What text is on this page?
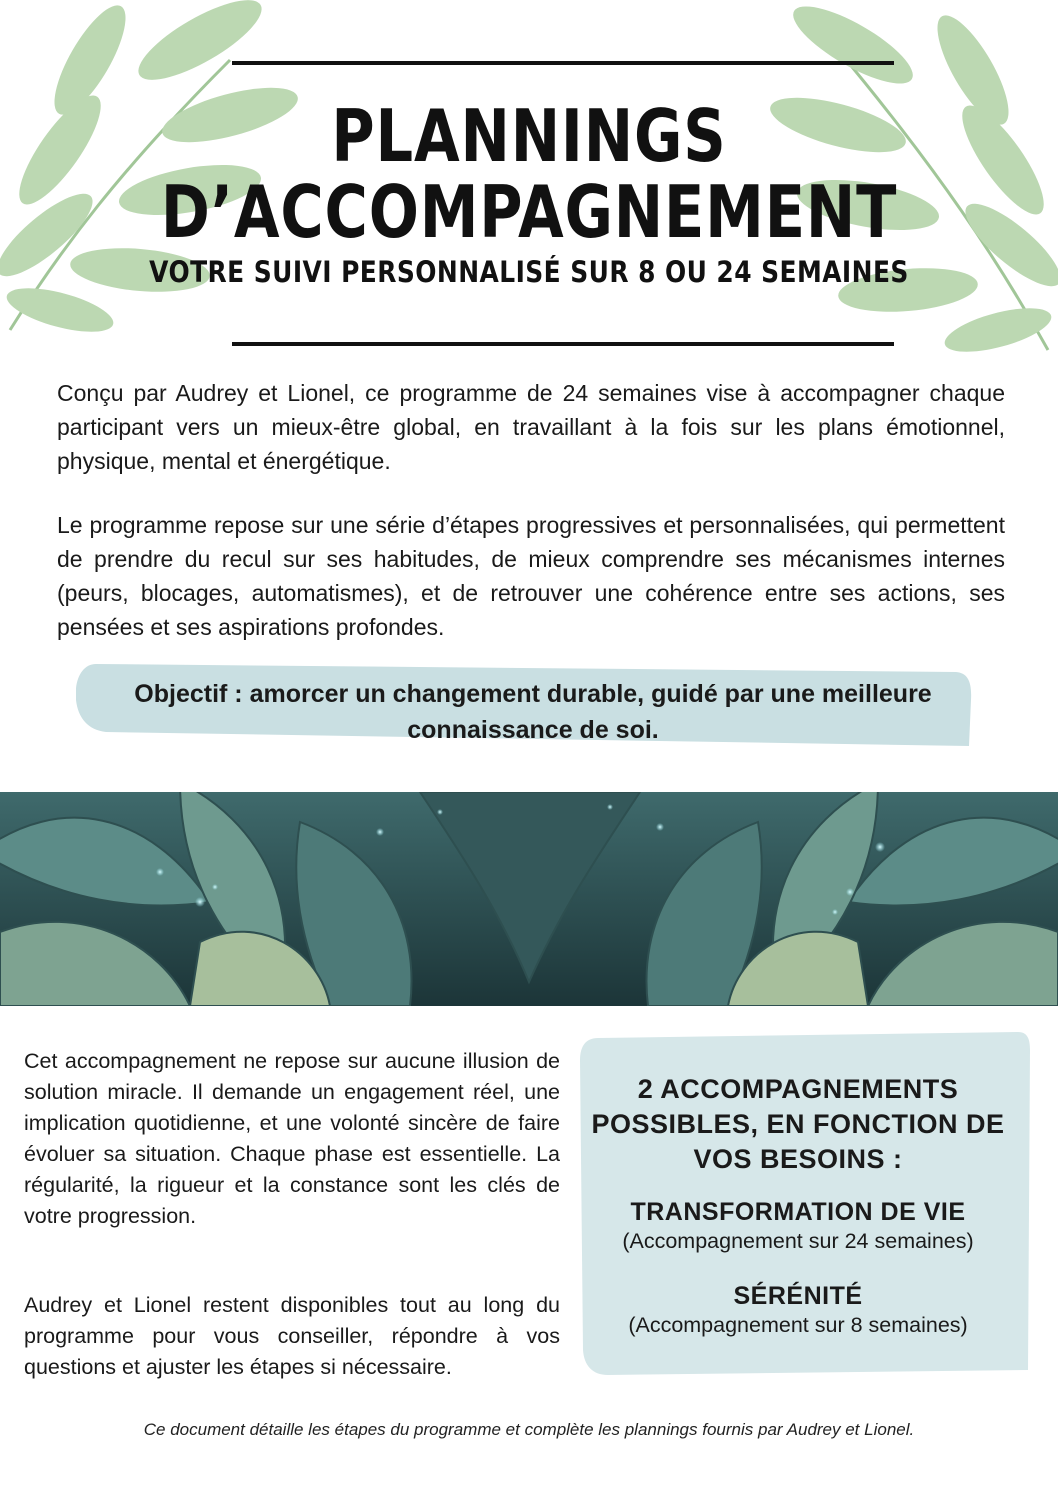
PLANNINGS
D’ACCOMPAGNEMENT
VOTRE SUIVI PERSONNALISÉ SUR 8 OU 24 SEMAINES

Conçu par Audrey et Lionel, ce programme de 24 semaines vise à accompagner chaque participant vers un mieux-être global, en travaillant à la fois sur les plans émotionnel, physique, mental et énergétique.

Le programme repose sur une série d’étapes progressives et personnalisées, qui permettent de prendre du recul sur ses habitudes, de mieux comprendre ses mécanismes internes (peurs, blocages, automatismes), et de retrouver une cohérence entre ses actions, ses pensées et ses aspirations profondes.

Objectif : amorcer un changement durable, guidé par une meilleure connaissance de soi.

Cet accompagnement ne repose sur aucune illusion de solution miracle. Il demande un engagement réel, une implication quotidienne, et une volonté sincère de faire évoluer sa situation. Chaque phase est essentielle. La régularité, la rigueur et la constance sont les clés de votre progression.

Audrey et Lionel restent disponibles tout au long du programme pour vous conseiller, répondre à vos questions et ajuster les étapes si nécessaire.

2 ACCOMPAGNEMENTS POSSIBLES, EN FONCTION DE VOS BESOINS :
TRANSFORMATION DE VIE
(Accompagnement sur 24 semaines)
SÉRÉNITÉ
(Accompagnement sur 8 semaines)
Ce document détaille les étapes du programme et complète les plannings fournis par Audrey et Lionel.
